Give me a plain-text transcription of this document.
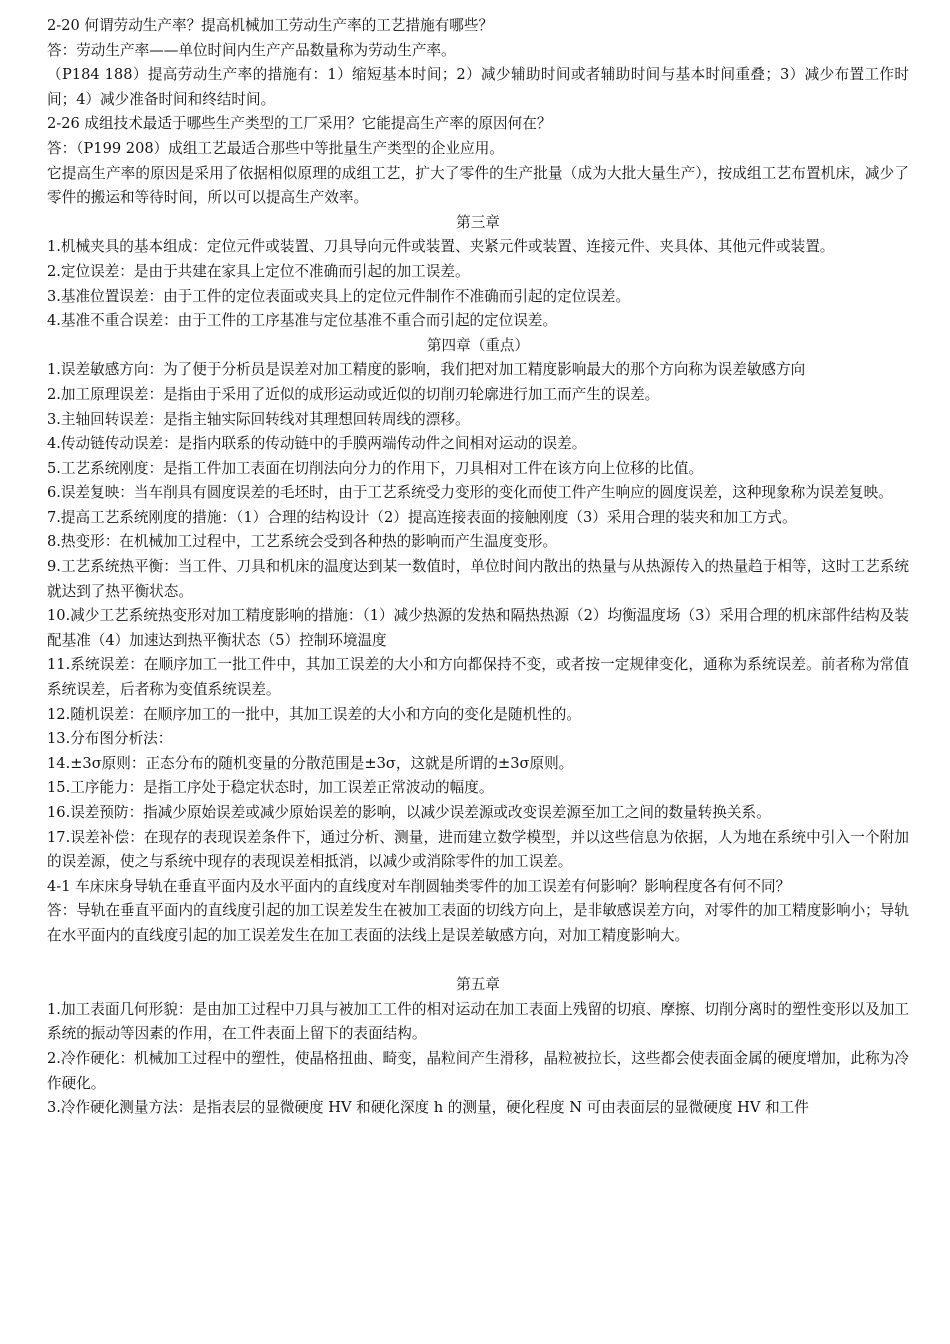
2-20 何谓劳动生产率？提高机械加工劳动生产率的工艺措施有哪些？
答：劳动生产率——单位时间内生产产品数量称为劳动生产率。
（P184 188）提高劳动生产率的措施有：1）缩短基本时间；2）减少辅助时间或者辅助时间与基本时间重叠；3）减少布置工作时间；4）减少准备时间和终结时间。
2-26 成组技术最适于哪些生产类型的工厂采用？它能提高生产率的原因何在？
答：（P199 208）成组工艺最适合那些中等批量生产类型的企业应用。
它提高生产率的原因是采用了依据相似原理的成组工艺，扩大了零件的生产批量（成为大批大量生产），按成组工艺布置机床，减少了零件的搬运和等待时间，所以可以提高生产效率。
第三章
1.机械夹具的基本组成：定位元件或装置、刀具导向元件或装置、夹紧元件或装置、连接元件、夹具体、其他元件或装置。
2.定位误差：是由于共建在家具上定位不准确而引起的加工误差。
3.基准位置误差：由于工件的定位表面或夹具上的定位元件制作不准确而引起的定位误差。
4.基准不重合误差：由于工件的工序基准与定位基准不重合而引起的定位误差。
第四章（重点）
1.误差敏感方向：为了便于分析员是误差对加工精度的影响，我们把对加工精度影响最大的那个方向称为误差敏感方向
2.加工原理误差：是指由于采用了近似的成形运动或近似的切削刃轮廓进行加工而产生的误差。
3.主轴回转误差：是指主轴实际回转线对其理想回转周线的漂移。
4.传动链传动误差：是指内联系的传动链中的手膜两端传动件之间相对运动的误差。
5.工艺系统刚度：是指工件加工表面在切削法向分力的作用下，刀具相对工件在该方向上位移的比值。
6.误差复映：当车削具有圆度误差的毛坯时，由于工艺系统受力变形的变化而使工件产生响应的圆度误差，这种现象称为误差复映。
7.提高工艺系统刚度的措施：（1）合理的结构设计（2）提高连接表面的接触刚度（3）采用合理的装夹和加工方式。
8.热变形：在机械加工过程中，工艺系统会受到各种热的影响而产生温度变形。
9.工艺系统热平衡：当工件、刀具和机床的温度达到某一数值时，单位时间内散出的热量与从热源传入的热量趋于相等，这时工艺系统就达到了热平衡状态。
10.减少工艺系统热变形对加工精度影响的措施：（1）减少热源的发热和隔热热源（2）均衡温度场（3）采用合理的机床部件结构及装配基准（4）加速达到热平衡状态（5）控制环境温度
11.系统误差：在顺序加工一批工件中，其加工误差的大小和方向都保持不变，或者按一定规律变化，通称为系统误差。前者称为常值系统误差，后者称为变值系统误差。
12.随机误差：在顺序加工的一批中，其加工误差的大小和方向的变化是随机性的。
13.分布图分析法：
14.±3σ原则：正态分布的随机变量的分散范围是±3σ，这就是所谓的±3σ原则。
15.工序能力：是指工序处于稳定状态时，加工误差正常波动的幅度。
16.误差预防：指减少原始误差或减少原始误差的影响，以减少误差源或改变误差源至加工之间的数量转换关系。
17.误差补偿：在现存的表现误差条件下，通过分析、测量，进而建立数学模型，并以这些信息为依据，人为地在系统中引入一个附加的误差源，使之与系统中现存的表现误差相抵消，以减少或消除零件的加工误差。
4-1 车床床身导轨在垂直平面内及水平面内的直线度对车削圆轴类零件的加工误差有何影响？影响程度各有何不同？
答：导轨在垂直平面内的直线度引起的加工误差发生在被加工表面的切线方向上，是非敏感误差方向，对零件的加工精度影响小；导轨在水平面内的直线度引起的加工误差发生在加工表面的法线上是误差敏感方向，对加工精度影响大。
第五章
1.加工表面几何形貌：是由加工过程中刀具与被加工工件的相对运动在加工表面上残留的切痕、摩擦、切削分离时的塑性变形以及加工系统的振动等因素的作用，在工件表面上留下的表面结构。
2.冷作硬化：机械加工过程中的塑性，使晶格扭曲、畸变，晶粒间产生滑移，晶粒被拉长，这些都会使表面金属的硬度增加，此称为冷作硬化。
3.冷作硬化测量方法：是指表层的显微硬度 HV 和硬化深度 h 的测量，硬化程度 N 可由表面层的显微硬度 HV 和工件
